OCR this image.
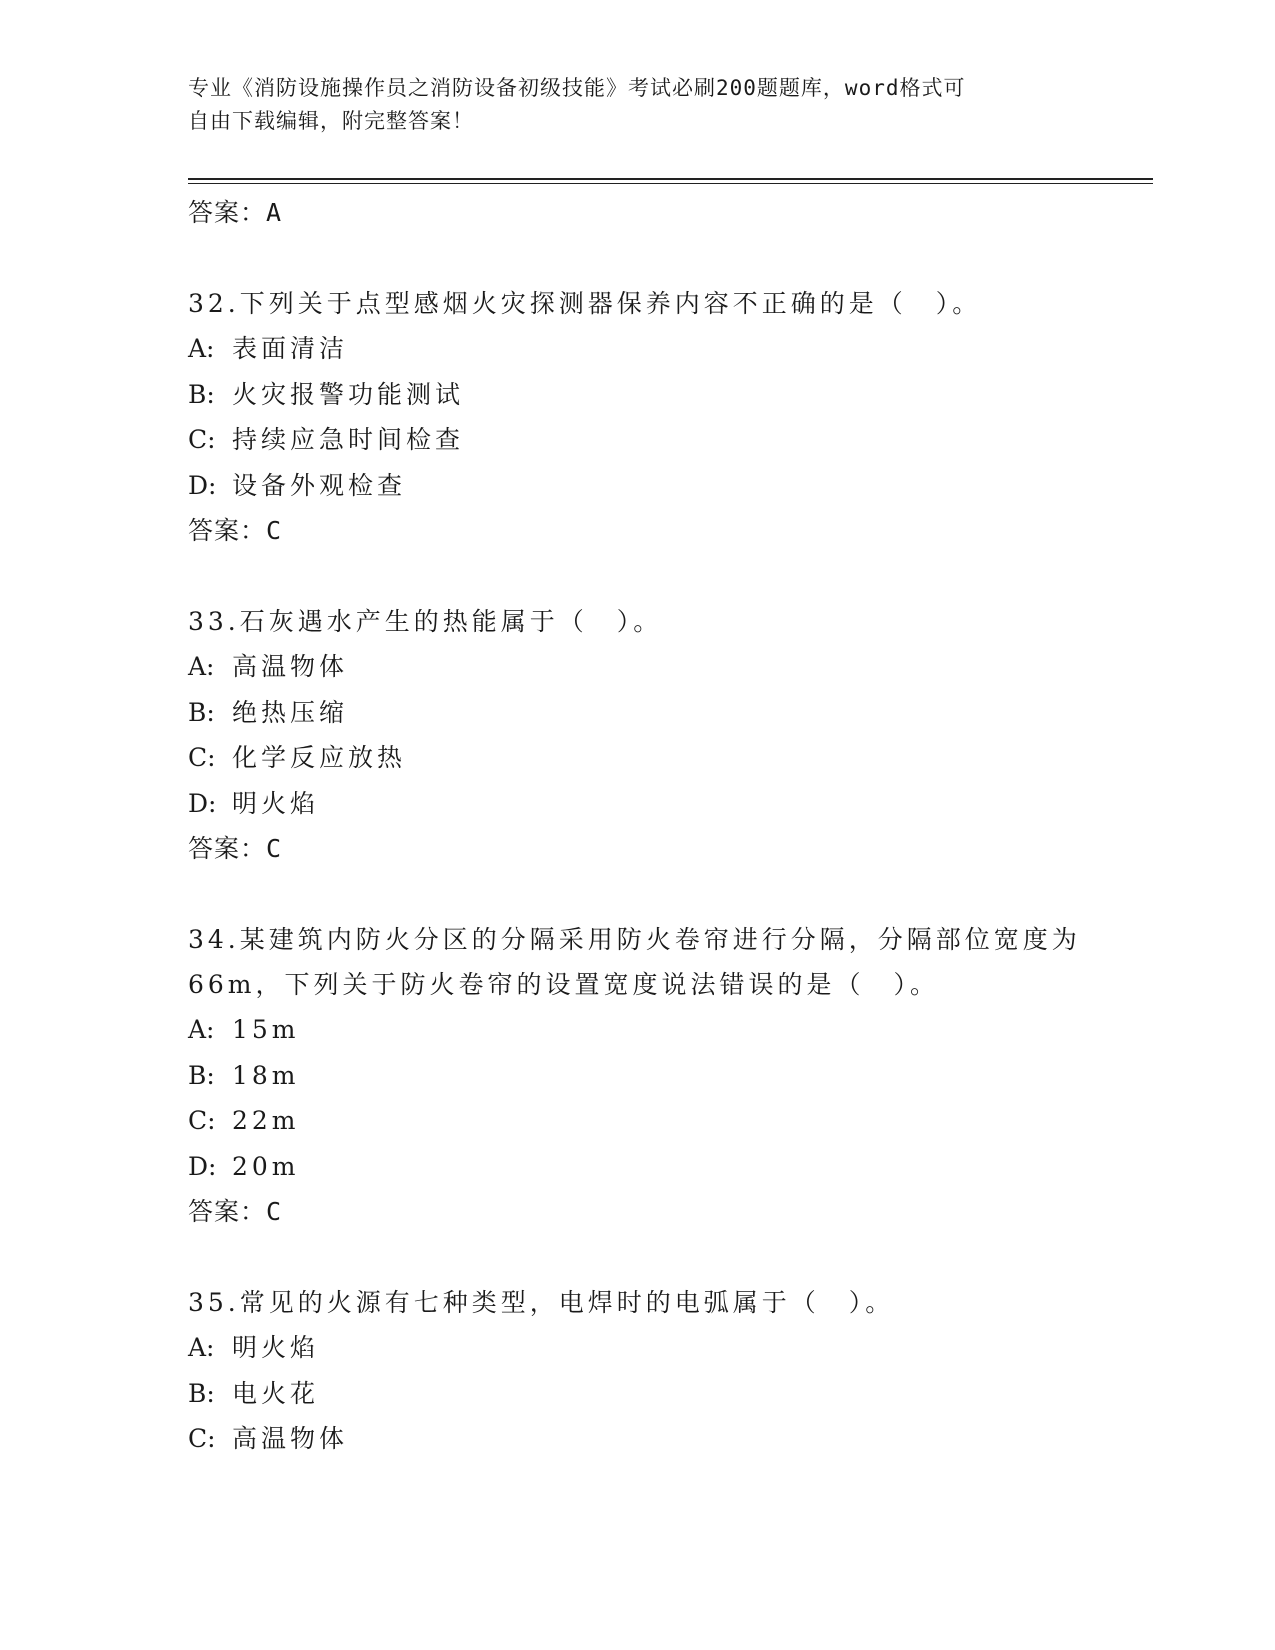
专业《消防设施操作员之消防设备初级技能》考试必刷200题题库，word格式可
自由下载编辑，附完整答案！
答案：A
32.下列关于点型感烟火灾探测器保养内容不正确的是（　）。
A: 表面清洁
B: 火灾报警功能测试
C: 持续应急时间检查
D: 设备外观检查
答案：C
33.石灰遇水产生的热能属于（　）。
A: 高温物体
B: 绝热压缩
C: 化学反应放热
D: 明火焰
答案：C
34.某建筑内防火分区的分隔采用防火卷帘进行分隔，分隔部位宽度为66m，下列关于防火卷帘的设置宽度说法错误的是（　）。
A: 15m
B: 18m
C: 22m
D: 20m
答案：C
35.常见的火源有七种类型，电焊时的电弧属于（　）。
A: 明火焰
B: 电火花
C: 高温物体
